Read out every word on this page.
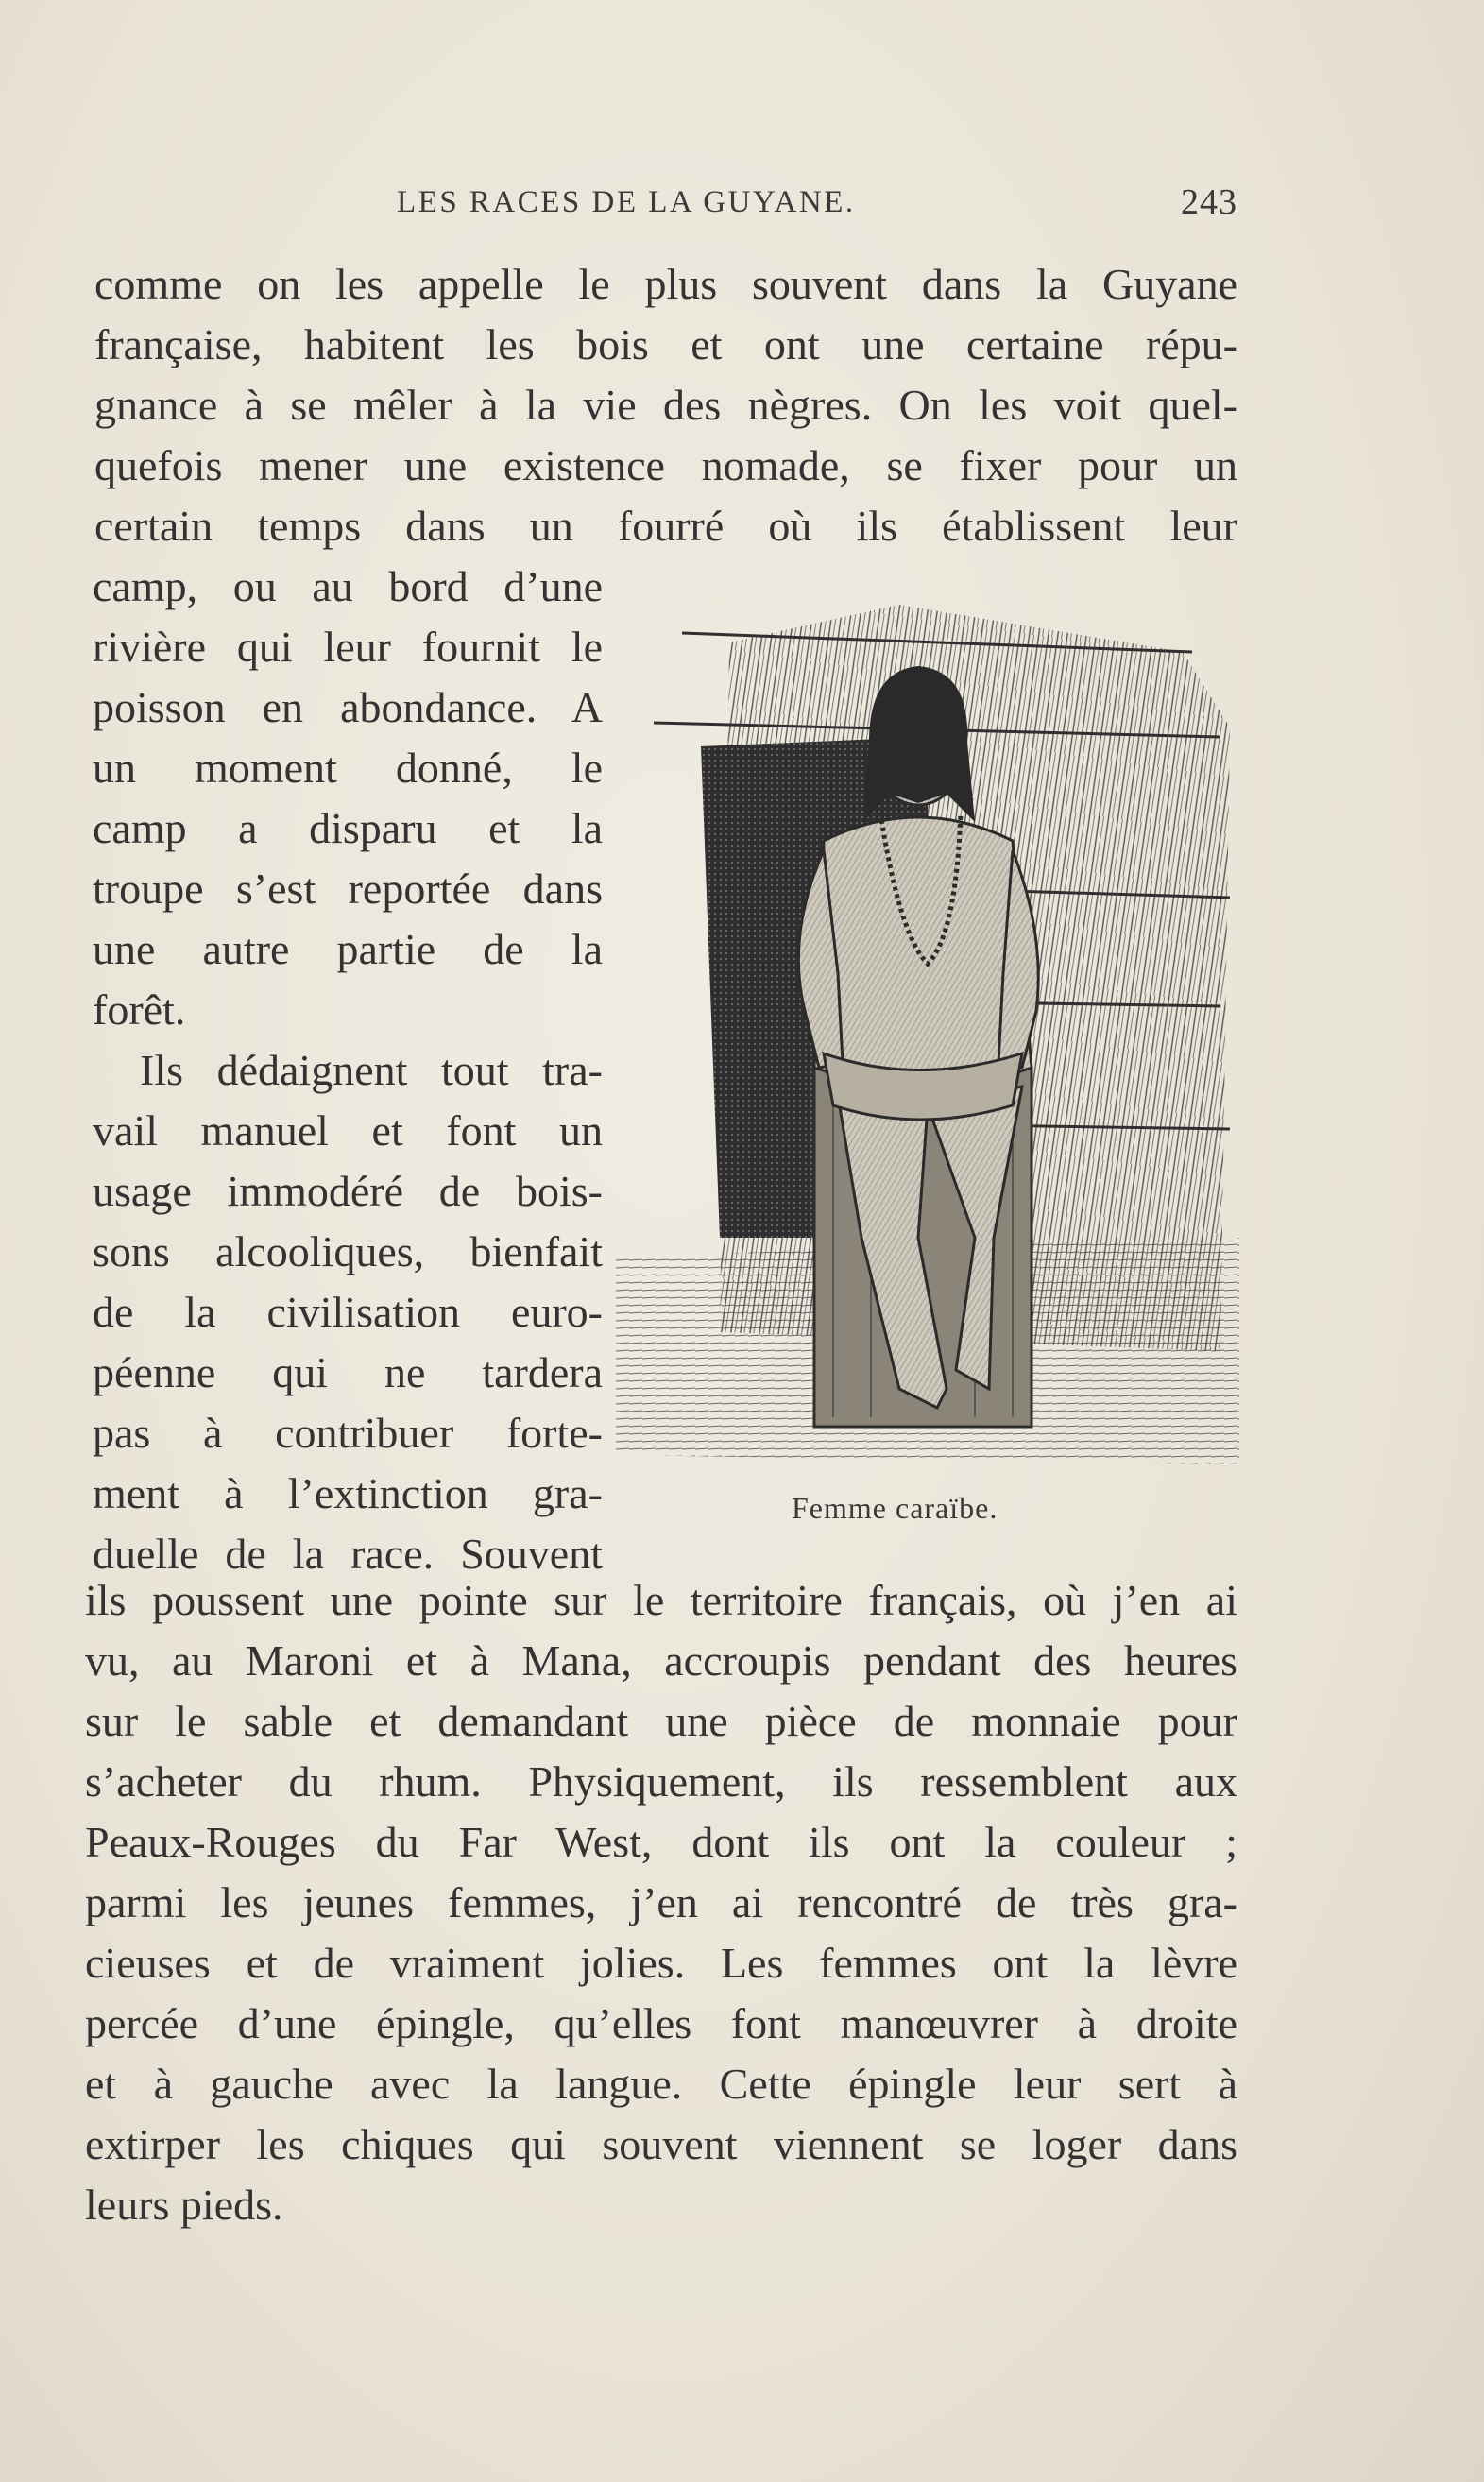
LES RACES DE LA GUYANE.	243
comme on les appelle le plus souvent dans la Guyane
française, habitent les bois et ont une certaine répu-
gnance à se mêler à la vie des nègres. On les voit quel-
quefois mener une existence nomade, se fixer pour un
certain temps dans un fourré où ils établissent leur
camp, ou au bord d’une
rivière qui leur fournit le
poisson en abondance. A
un moment donné, le
camp a disparu et la
troupe s’est reportée dans
une autre partie de la
forêt.
Ils dédaignent tout tra-
vail manuel et font un
usage immodéré de bois-
sons alcooliques, bienfait
de la civilisation euro-
péenne qui ne tardera
pas à contribuer forte-
ment à l’extinction gra-
duelle de la race. Souvent
Femme caraïbe.
ils poussent une pointe sur le territoire français, où j’en ai
vu, au Maroni et à Mana, accroupis pendant des heures
sur le sable et demandant une pièce de monnaie pour
s’acheter du rhum. Physiquement, ils ressemblent aux
Peaux-Rouges du Far West, dont ils ont la couleur ;
parmi les jeunes femmes, j’en ai rencontré de très gra-
cieuses et de vraiment jolies. Les femmes ont la lèvre
percée d’une épingle, qu’elles font manœuvrer à droite
et à gauche avec la langue. Cette épingle leur sert à
extirper les chiques qui souvent viennent se loger dans
leurs pieds.
